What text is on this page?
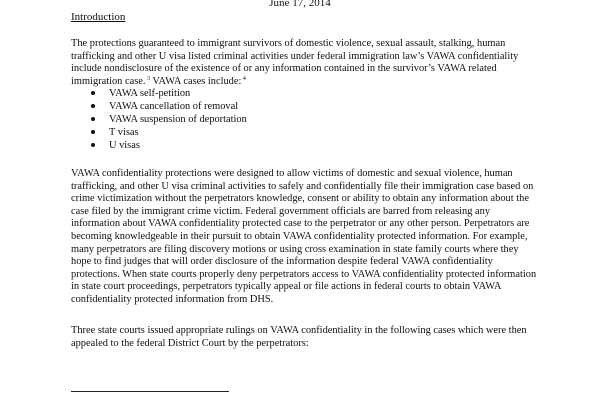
June 17, 2014
Introduction

The protections guaranteed to immigrant survivors of domestic violence, sexual assault, stalking, human trafficking and other U visa listed criminal activities under federal immigration law’s VAWA confidentiality include nondisclosure of the existence of or any information contained in the survivor’s VAWA related immigration case. $^3$ VAWA cases include: $^4$

VAWA self-petition
VAWA cancellation of removal
VAWA suspension of deportation
T visas
U visas

VAWA confidentiality protections were designed to allow victims of domestic and sexual violence, human trafficking, and other U visa criminal activities to safely and confidentially file their immigration case based on crime victimization without the perpetrators knowledge, consent or ability to obtain any information about the case filed by the immigrant crime victim. Federal government officials are barred from releasing any information about VAWA confidentiality protected case to the perpetrator or any other person. Perpetrators are becoming knowledgeable in their pursuit to obtain VAWA confidentiality protected information. For example, many perpetrators are filing discovery motions or using cross examination in state family courts where they hope to find judges that will order disclosure of the information despite federal VAWA confidentiality protections. When state courts properly deny perpetrators access to VAWA confidentiality protected information in state court proceedings, perpetrators typically appeal or file actions in federal courts to obtain VAWA confidentiality protected information from DHS.

Three state courts issued appropriate rulings on VAWA confidentiality in the following cases which were then appealed to the federal District Court by the perpetrators:
